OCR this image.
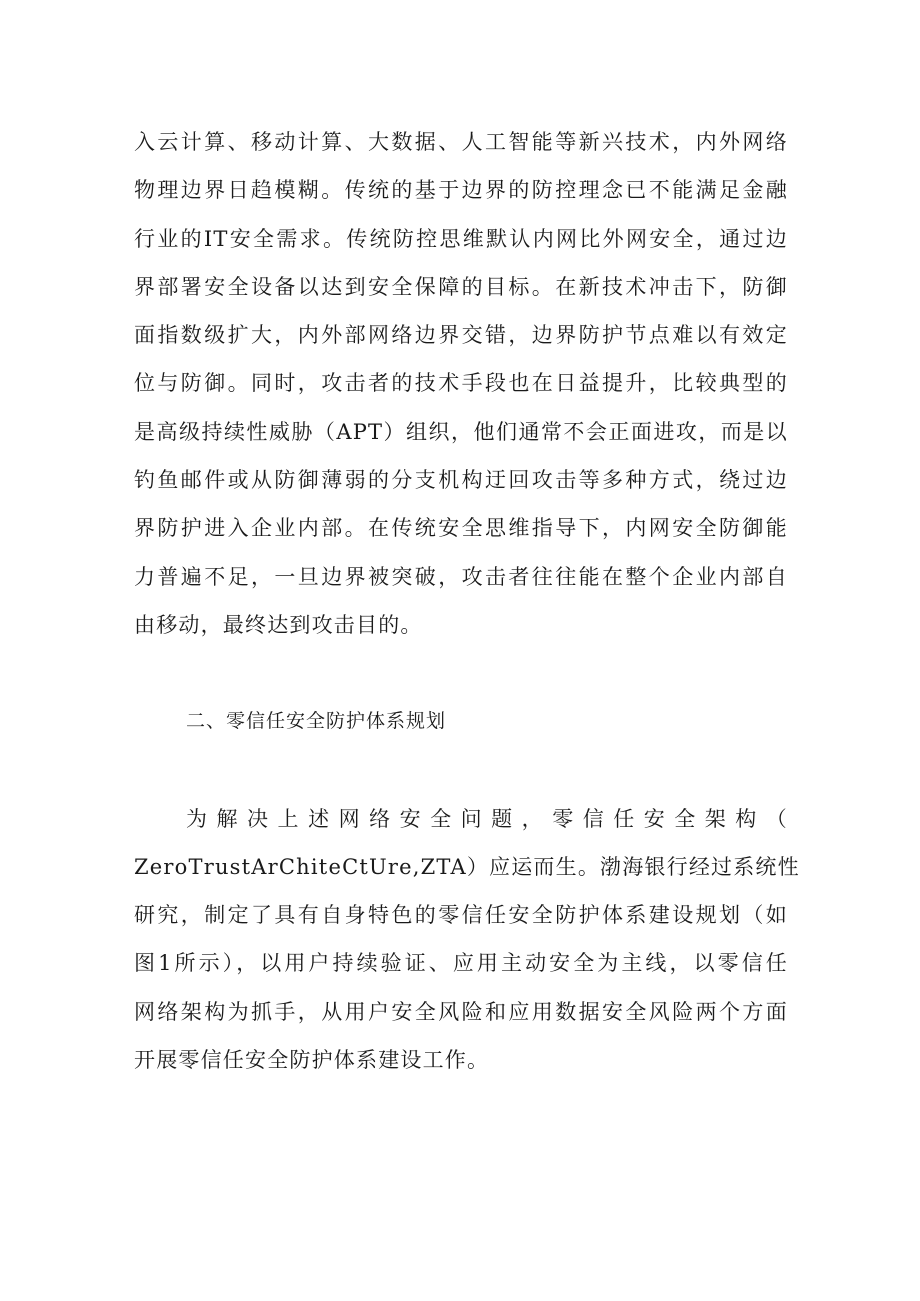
入云计算、移动计算、大数据、人工智能等新兴技术，内外网络

物理边界日趋模糊。传统的基于边界的防控理念已不能满足金融

行业的IT安全需求。传统防控思维默认内网比外网安全，通过边

界部署安全设备以达到安全保障的目标。在新技术冲击下，防御

面指数级扩大，内外部网络边界交错，边界防护节点难以有效定

位与防御。同时，攻击者的技术手段也在日益提升，比较典型的

是高级持续性威胁（APT）组织，他们通常不会正面进攻，而是以

钓鱼邮件或从防御薄弱的分支机构迂回攻击等多种方式，绕过边

界防护进入企业内部。在传统安全思维指导下，内网安全防御能

力普遍不足，一旦边界被突破，攻击者往往能在整个企业内部自

由移动，最终达到攻击目的。

二、零信任安全防护体系规划

为解决上述网络安全问题，零信任安全架构（

ZeroTrustArChiteCtUre,ZTA）应运而生。渤海银行经过系统性

研究，制定了具有自身特色的零信任安全防护体系建设规划（如

图1所示），以用户持续验证、应用主动安全为主线，以零信任

网络架构为抓手，从用户安全风险和应用数据安全风险两个方面

开展零信任安全防护体系建设工作。
